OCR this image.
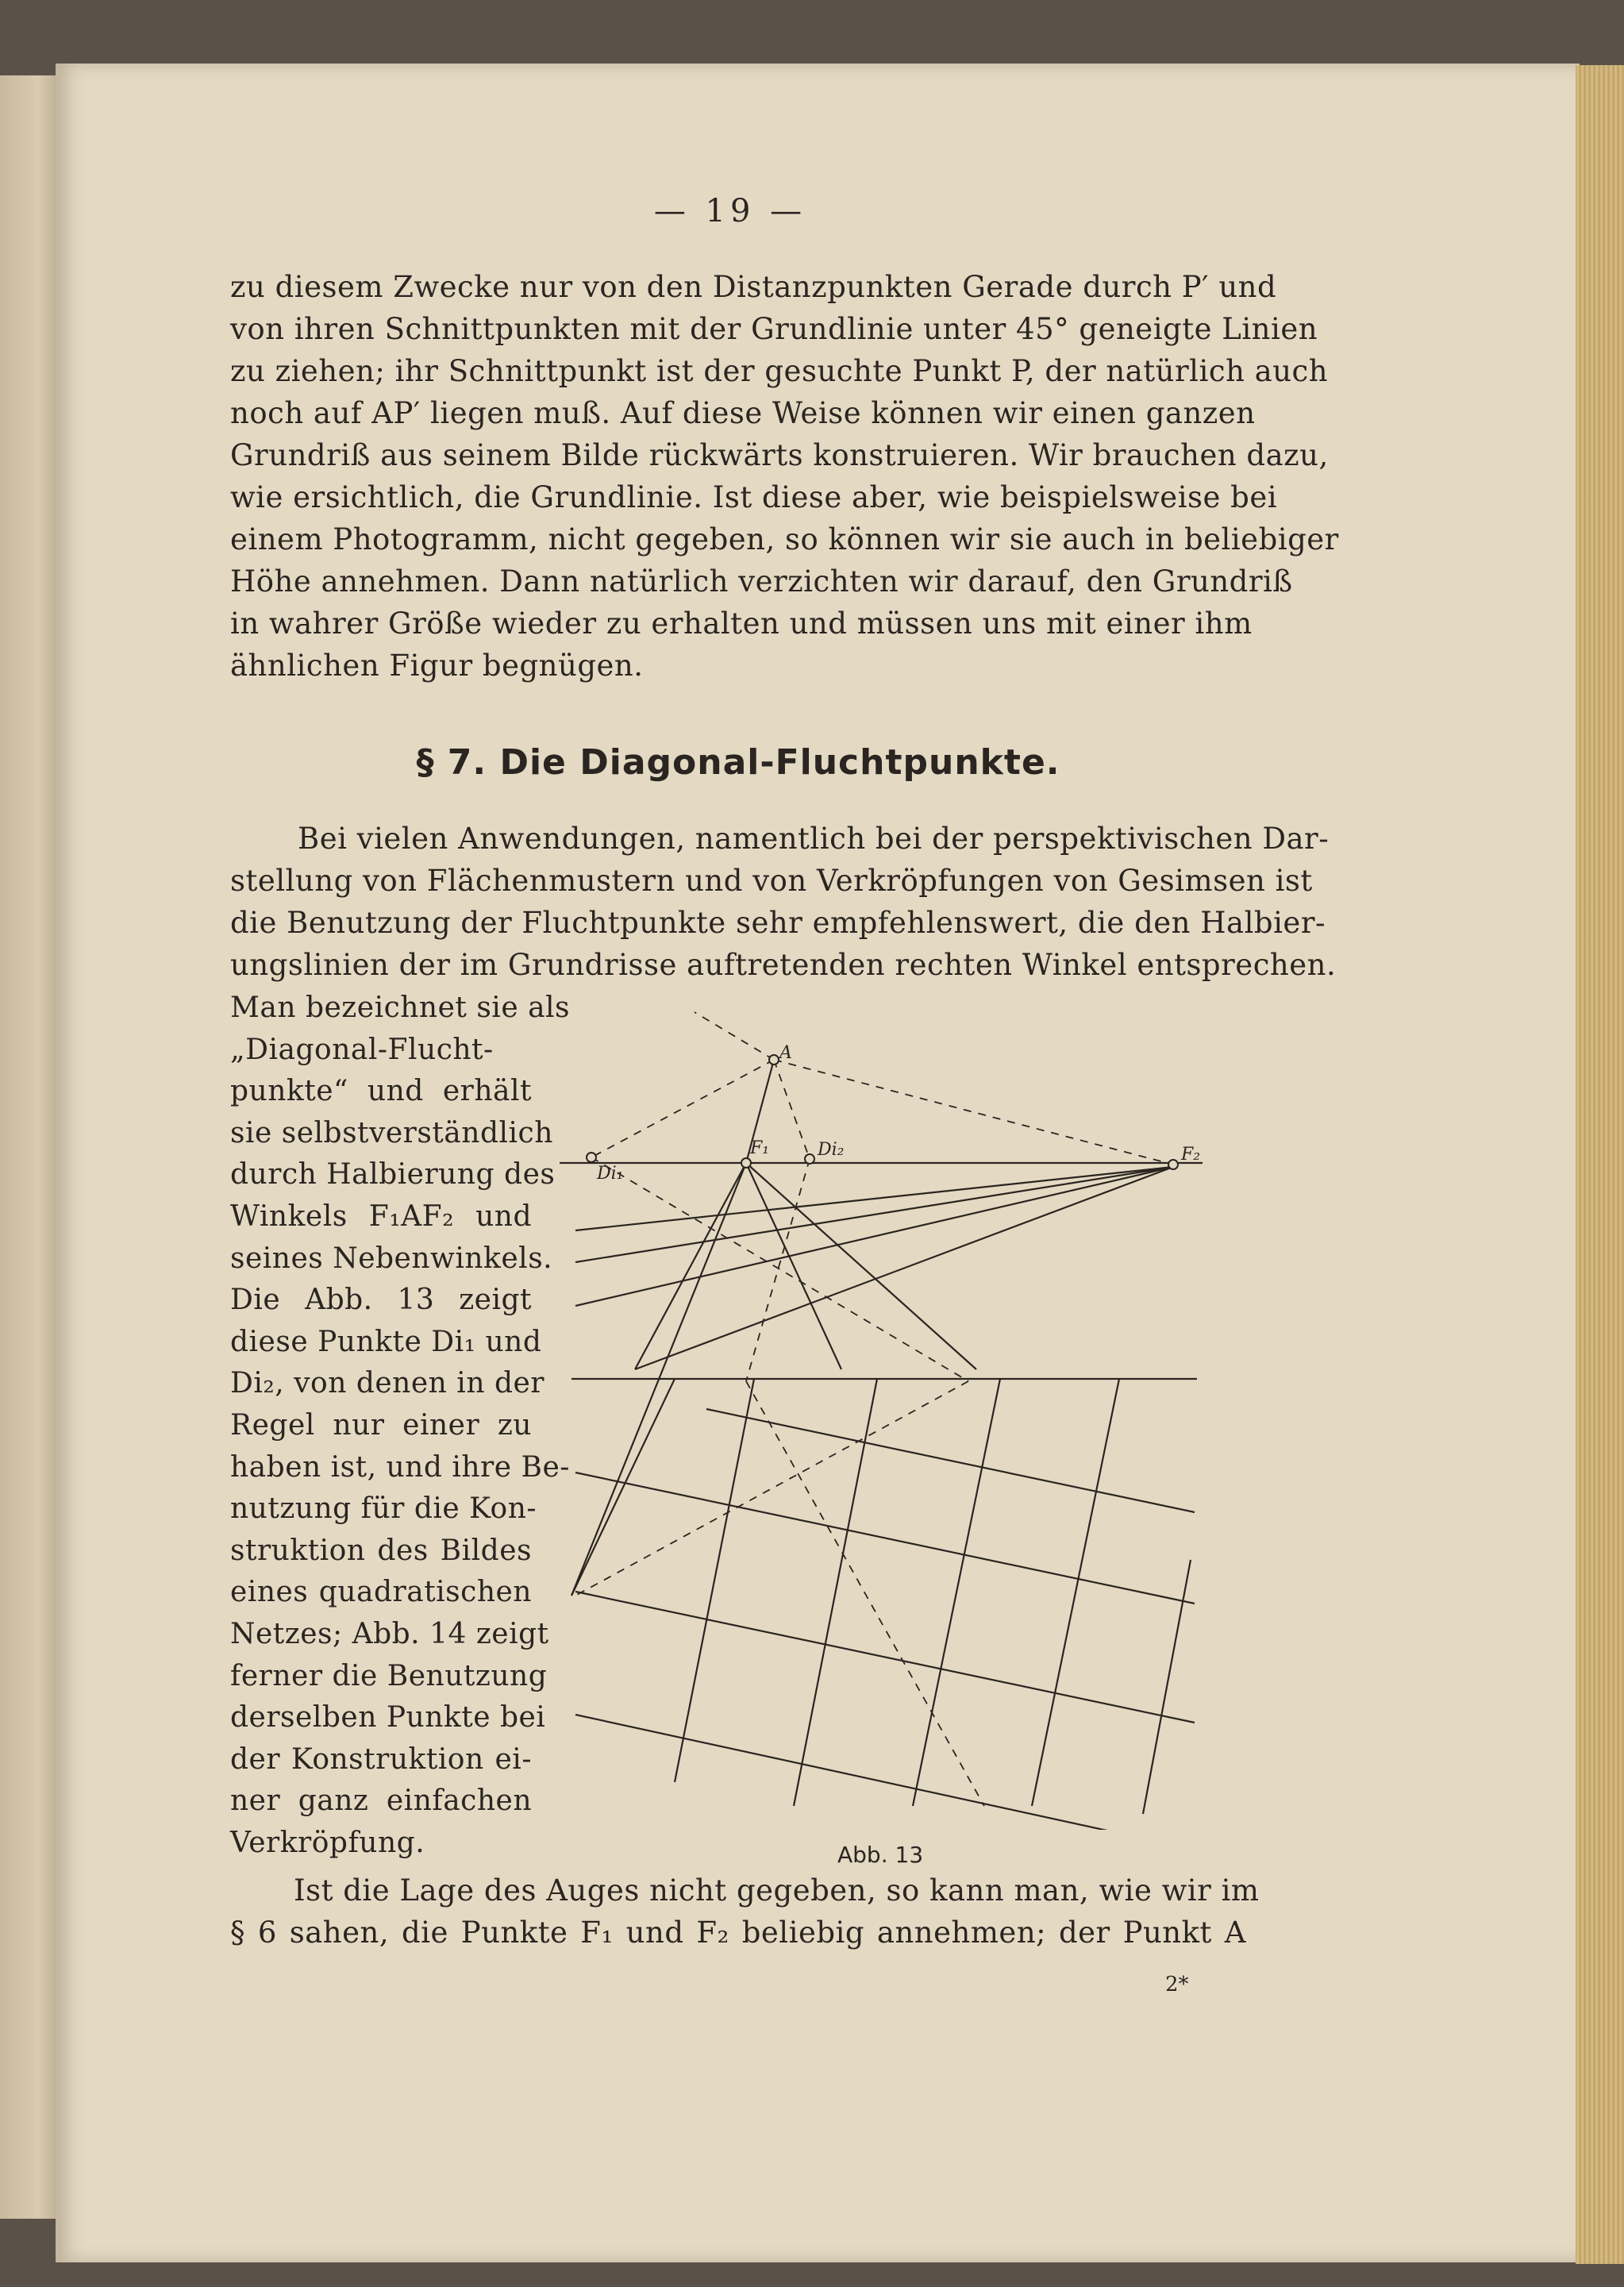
— 19 —
zu diesem Zwecke nur von den Distanzpunkten Gerade durch P′ und
von ihren Schnittpunkten mit der Grundlinie unter 45° geneigte Linien
zu ziehen; ihr Schnittpunkt ist der gesuchte Punkt P, der natürlich auch
noch auf AP′ liegen muß. Auf diese Weise können wir einen ganzen
Grundriß aus seinem Bilde rückwärts konstruieren. Wir brauchen dazu,
wie ersichtlich, die Grundlinie. Ist diese aber, wie beispielsweise bei
einem Photogramm, nicht gegeben, so können wir sie auch in beliebiger
Höhe annehmen. Dann natürlich verzichten wir darauf, den Grundriß
in wahrer Größe wieder zu erhalten und müssen uns mit einer ihm
ähnlichen Figur begnügen.
§ 7. Die Diagonal-Fluchtpunkte.
Bei vielen Anwendungen, namentlich bei der perspektivischen Dar-
stellung von Flächenmustern und von Verkröpfungen von Gesimsen ist
die Benutzung der Fluchtpunkte sehr empfehlenswert, die den Halbier-
ungslinien der im Grundrisse auftretenden rechten Winkel entsprechen.
Man bezeichnet sie als
„Diagonal-Flucht-
punkte“ und erhält
sie selbstverständlich
durch Halbierung des
Winkels F₁AF₂ und
seines Nebenwinkels.
Die Abb. 13 zeigt
diese Punkte Di₁ und
Di₂, von denen in der
Regel nur einer zu
haben ist, und ihre Be-
nutzung für die Kon-
struktion des Bildes
eines quadratischen
Netzes; Abb. 14 zeigt
ferner die Benutzung
derselben Punkte bei
der Konstruktion ei-
ner ganz einfachen
Verkröpfung.
A
F₁	F₂
Di₁
Di₂
Abb. 13
Ist die Lage des Auges nicht gegeben, so kann man, wie wir im
§ 6 sahen, die Punkte F₁ und F₂ beliebig annehmen; der Punkt A
2*
